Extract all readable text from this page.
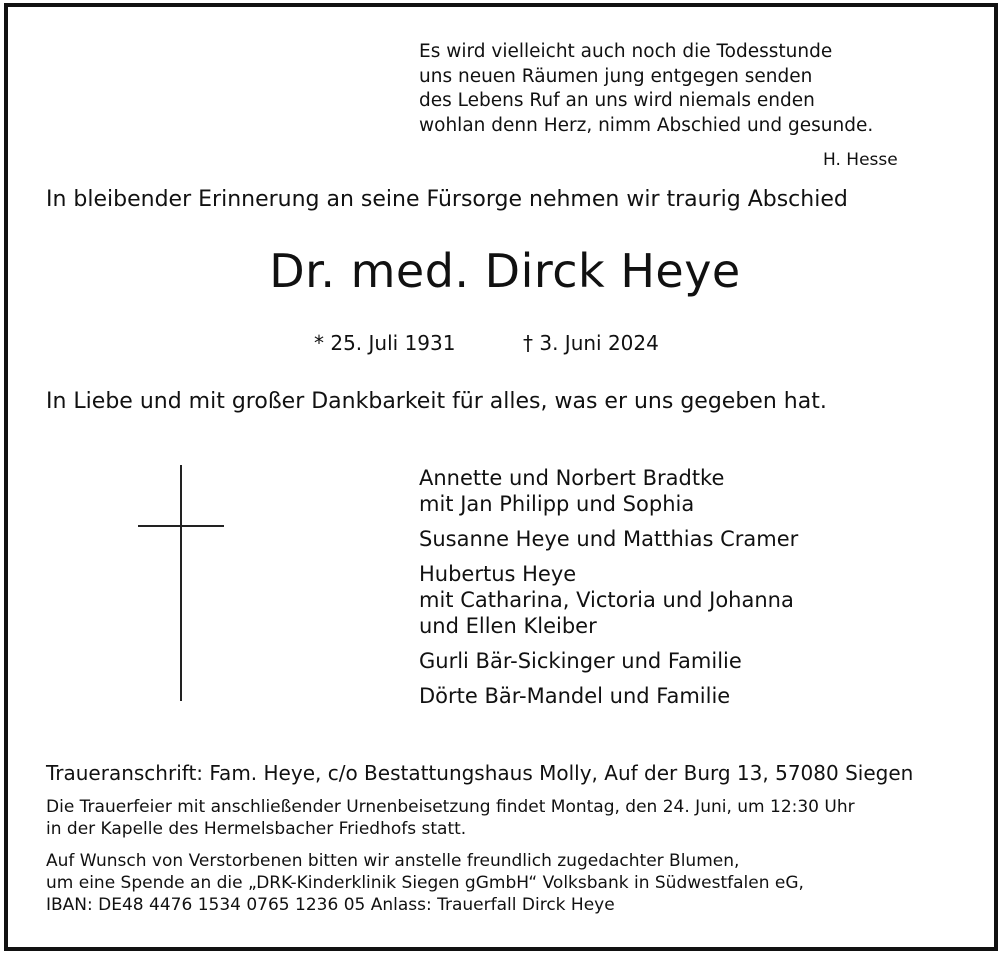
Es wird vielleicht auch noch die Todesstunde
uns neuen Räumen jung entgegen senden
des Lebens Ruf an uns wird niemals enden
wohlan denn Herz, nimm Abschied und gesunde.
H. Hesse
In bleibender Erinnerung an seine Fürsorge nehmen wir traurig Abschied
Dr. med. Dirck Heye
* 25. Juli 1931	† 3. Juni 2024
In Liebe und mit großer Dankbarkeit für alles, was er uns gegeben hat.
Annette und Norbert Bradtke
mit Jan Philipp und Sophia
Susanne Heye und Matthias Cramer
Hubertus Heye
mit Catharina, Victoria und Johanna
und Ellen Kleiber
Gurli Bär-Sickinger und Familie
Dörte Bär-Mandel und Familie
Traueranschrift: Fam. Heye, c/o Bestattungshaus Molly, Auf der Burg 13, 57080 Siegen
Die Trauerfeier mit anschließender Urnenbeisetzung findet Montag, den 24. Juni, um 12:30 Uhr
in der Kapelle des Hermelsbacher Friedhofs statt.
Auf Wunsch von Verstorbenen bitten wir anstelle freundlich zugedachter Blumen,
um eine Spende an die „DRK-Kinderklinik Siegen gGmbH“ Volksbank in Südwestfalen eG,
IBAN: DE48 4476 1534 0765 1236 05 Anlass: Trauerfall Dirck Heye
